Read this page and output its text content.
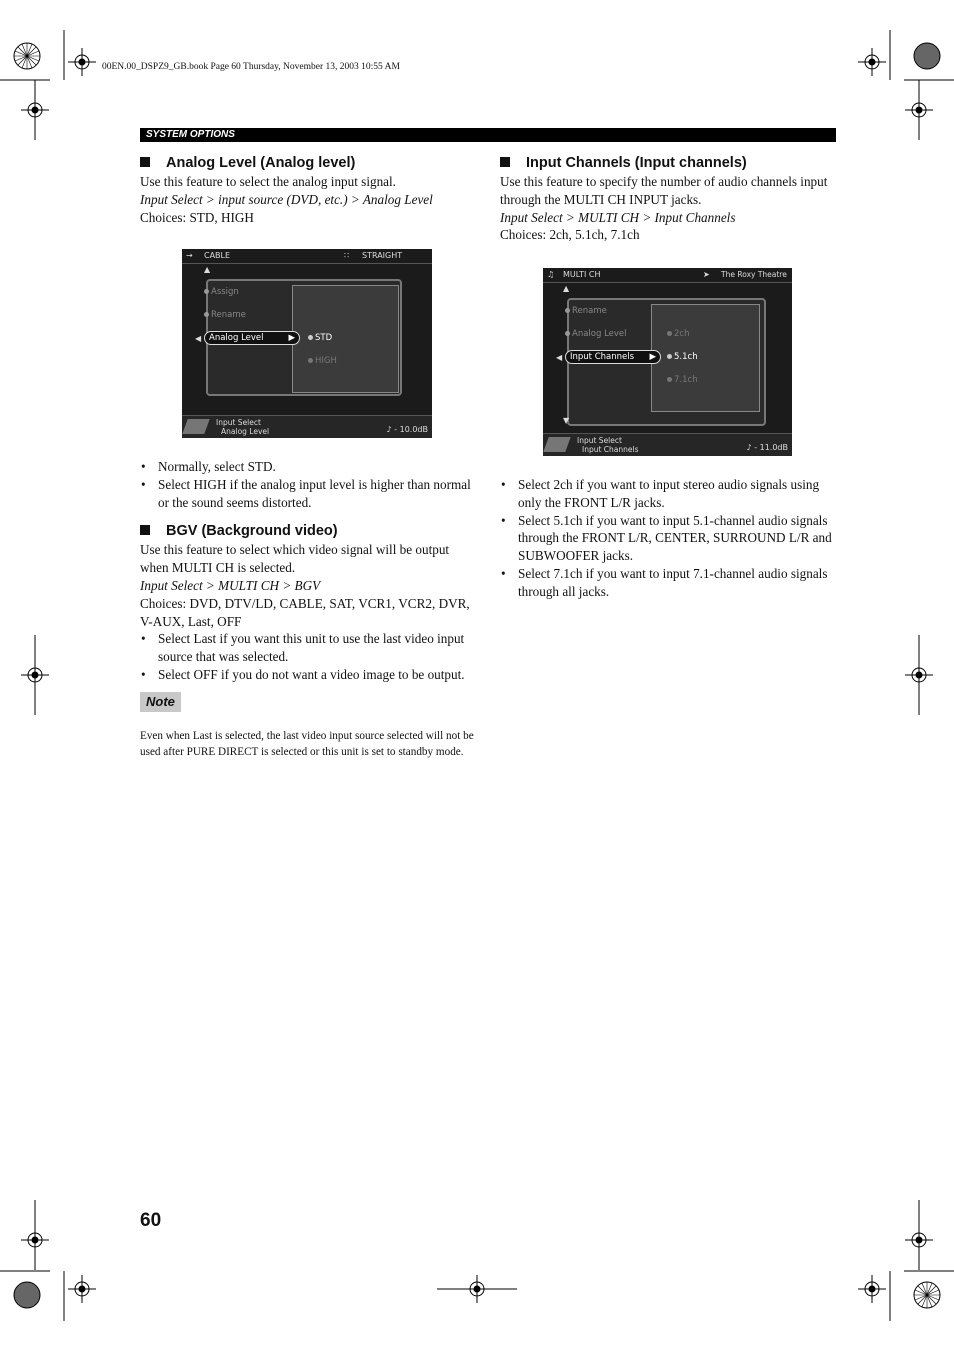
00EN.00_DSPZ9_GB.book Page 60 Thursday, November 13, 2003 10:55 AM
SYSTEM OPTIONS

Analog Level (Analog level)

Use this feature to select the analog input signal.

Input Select > input source (DVD, etc.) > Analog Level

Choices: STD, HIGH

→ CABLE	∷ STRAIGHT
▲
Assign
Rename
◀ Analog Level	▶	STD
HIGH
Input Select
Analog Level	♪ - 10.0dB
• Normally, select STD.
• Select HIGH if the analog input level is higher than normal or the sound seems distorted.

BGV (Background video)

Use this feature to select which video signal will be output when MULTI CH is selected.

Input Select > MULTI CH > BGV

Choices: DVD, DTV/LD, CABLE, SAT, VCR1, VCR2, DVR, V-AUX, Last, OFF

• Select Last if you want this unit to use the last video input source that was selected.
• Select OFF if you do not want a video image to be output.
Note

Even when Last is selected, the last video input source selected will not be used after PURE DIRECT is selected or this unit is set to standby mode.

Input Channels (Input channels)

Use this feature to specify the number of audio channels input through the MULTI CH INPUT jacks.

Input Select > MULTI CH > Input Channels

Choices: 2ch, 5.1ch, 7.1ch

♫ MULTI CH	➤ The Roxy Theatre
▲
Rename
Analog Level
◀ Input Channels ▶
2ch
5.1ch
7.1ch
▼
Input Select
Input Channels	♪ - 11.0dB
• Select 2ch if you want to input stereo audio signals using only the FRONT L/R jacks.
• Select 5.1ch if you want to input 5.1-channel audio signals through the FRONT L/R, CENTER, SURROUND L/R and SUBWOOFER jacks.
• Select 7.1ch if you want to input 7.1-channel audio signals through all jacks.
60
